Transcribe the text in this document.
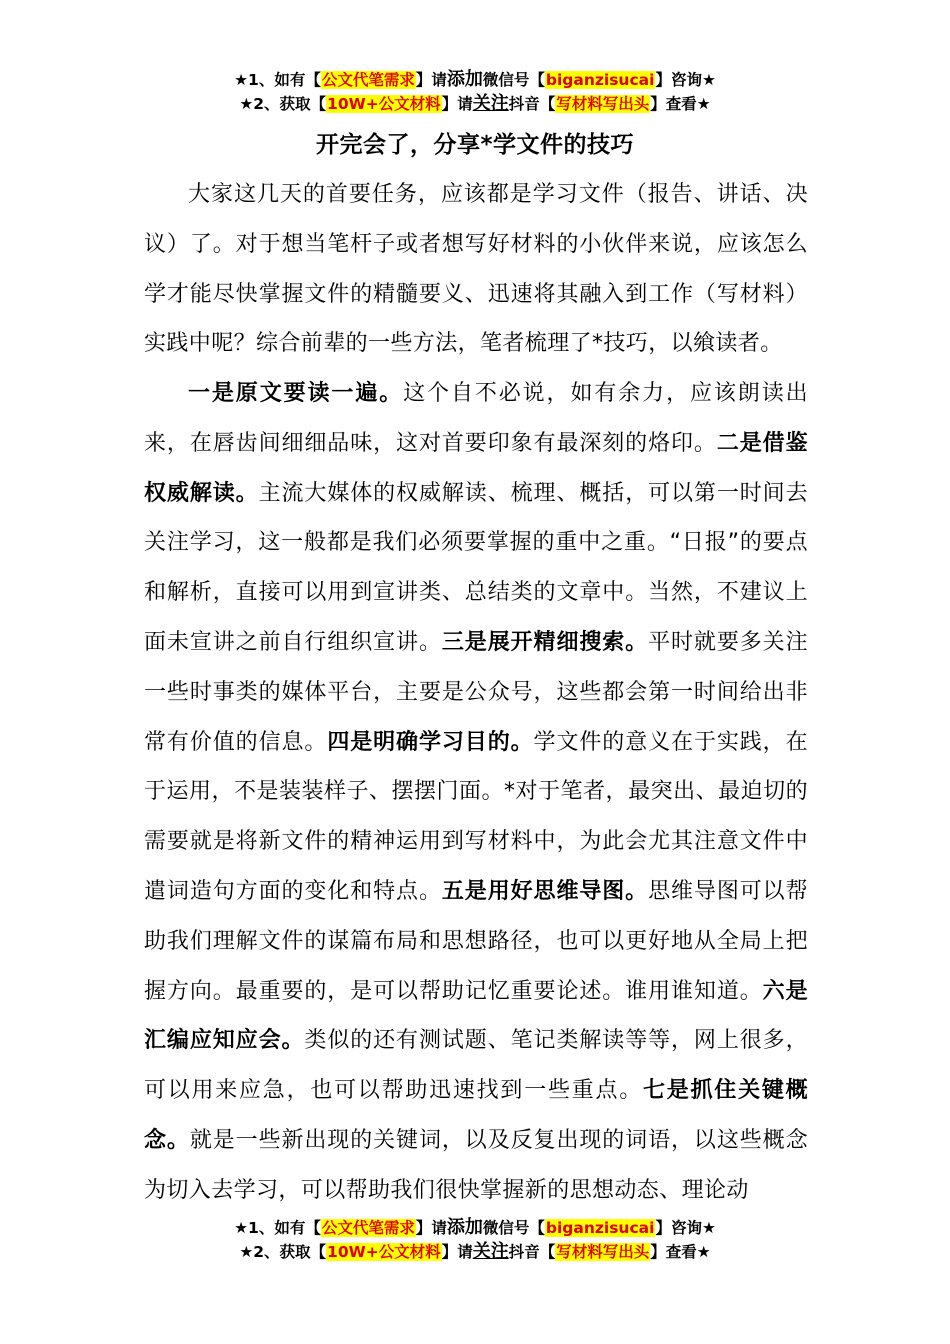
★1、如有【公文代笔需求】请添加微信号【biganzisucai】咨询★
★2、获取【10W+公文材料】请关注抖音【写材料写出头】查看★
开完会了，分享*学文件的技巧

大家这几天的首要任务，应该都是学习文件（报告、讲话、决议）了。对于想当笔杆子或者想写好材料的小伙伴来说，应该怎么学才能尽快掌握文件的精髓要义、迅速将其融入到工作（写材料）实践中呢？综合前辈的一些方法，笔者梳理了*技巧，以飨读者。

一是原文要读一遍。这个自不必说，如有余力，应该朗读出来，在唇齿间细细品味，这对首要印象有最深刻的烙印。二是借鉴权威解读。主流大媒体的权威解读、梳理、概括，可以第一时间去关注学习，这一般都是我们必须要掌握的重中之重。“日报”的要点和解析，直接可以用到宣讲类、总结类的文章中。当然，不建议上面未宣讲之前自行组织宣讲。三是展开精细搜索。平时就要多关注一些时事类的媒体平台，主要是公众号，这些都会第一时间给出非常有价值的信息。四是明确学习目的。学文件的意义在于实践，在于运用，不是装装样子、摆摆门面。*对于笔者，最突出、最迫切的需要就是将新文件的精神运用到写材料中，为此会尤其注意文件中遣词造句方面的变化和特点。五是用好思维导图。思维导图可以帮助我们理解文件的谋篇布局和思想路径，也可以更好地从全局上把握方向。最重要的，是可以帮助记忆重要论述。谁用谁知道。六是汇编应知应会。类似的还有测试题、笔记类解读等等，网上很多，可以用来应急，也可以帮助迅速找到一些重点。七是抓住关键概念。就是一些新出现的关键词，以及反复出现的词语，以这些概念为切入去学习，可以帮助我们很快掌握新的思想动态、理论动

★1、如有【公文代笔需求】请添加微信号【biganzisucai】咨询★
★2、获取【10W+公文材料】请关注抖音【写材料写出头】查看★
